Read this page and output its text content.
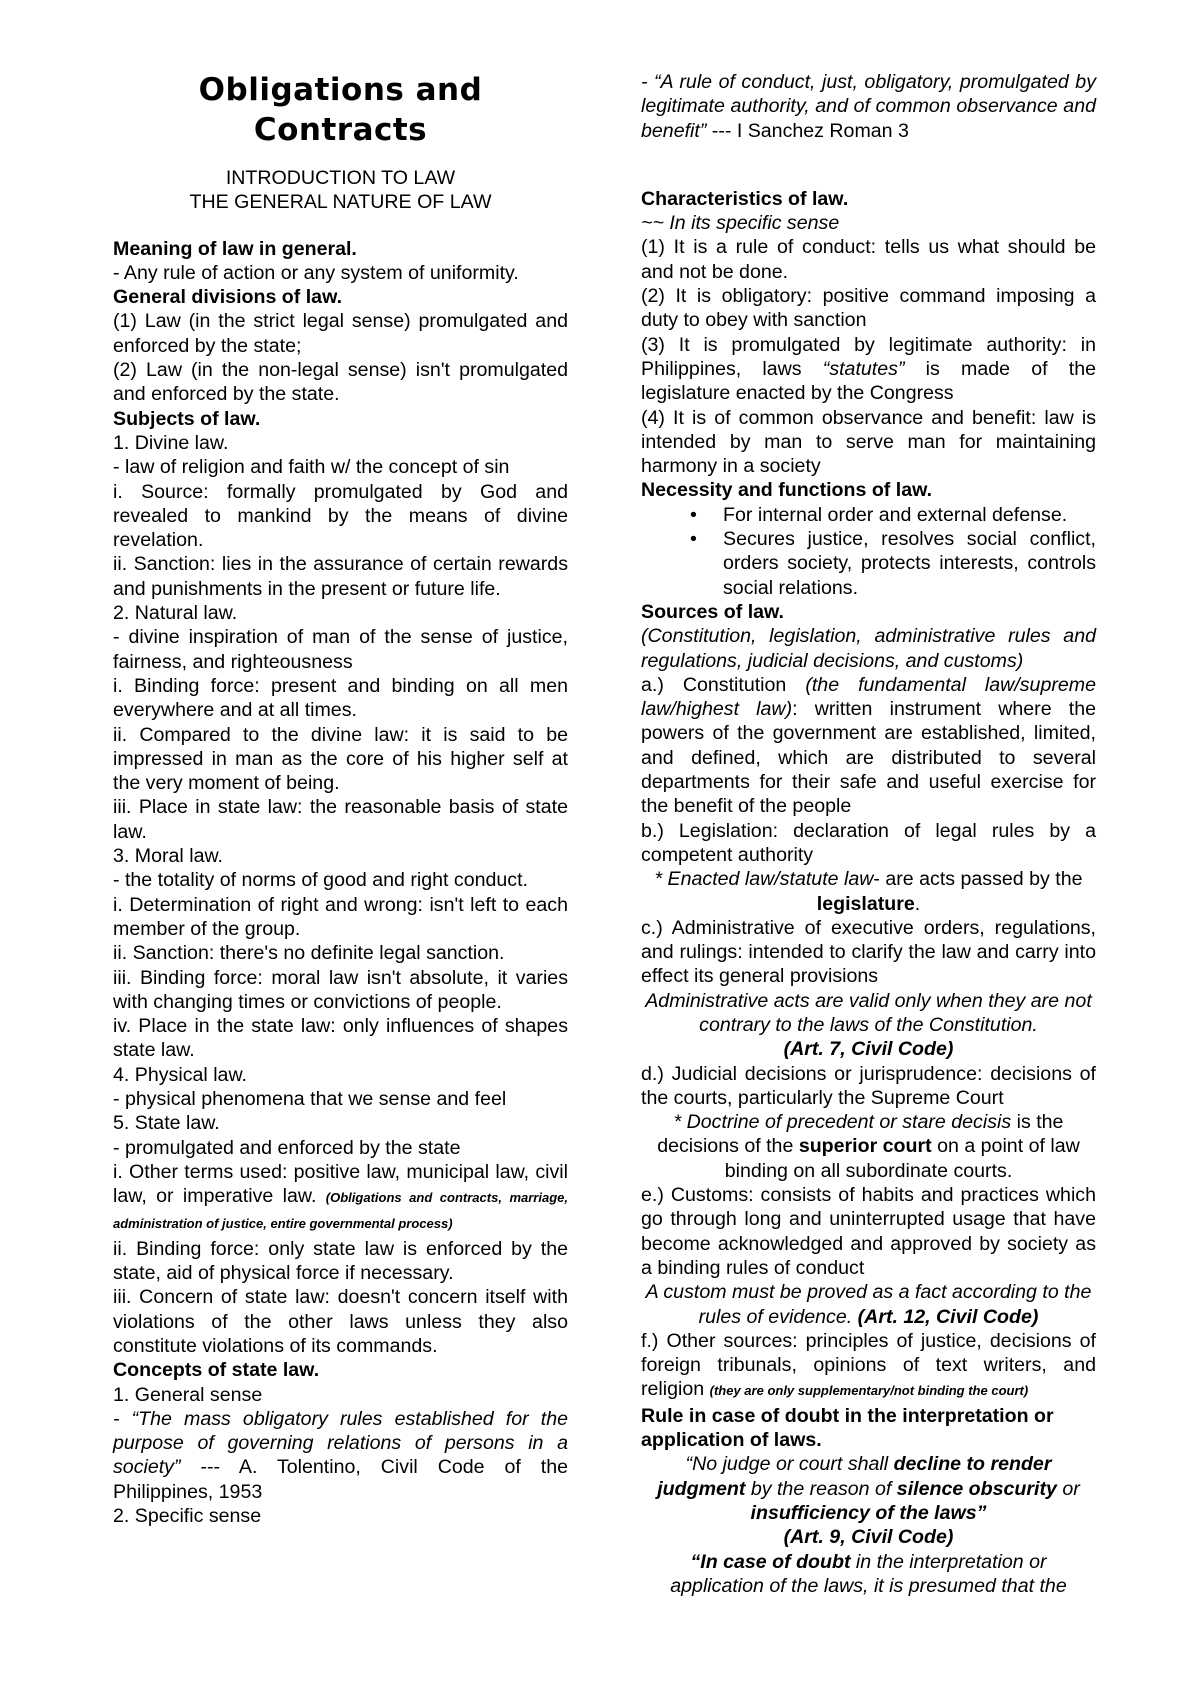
Obligations and Contracts

INTRODUCTION TO LAW

THE GENERAL NATURE OF LAW

Meaning of law in general.

- Any rule of action or any system of uniformity.

General divisions of law.

(1) Law (in the strict legal sense) promulgated and enforced by the state;

(2) Law (in the non-legal sense) isn't promulgated and enforced by the state.

Subjects of law.

1. Divine law.

- law of religion and faith w/ the concept of sin

i. Source: formally promulgated by God and revealed to mankind by the means of divine revelation.

ii. Sanction: lies in the assurance of certain rewards and punishments in the present or future life.

2. Natural law.

- divine inspiration of man of the sense of justice, fairness, and righteousness

i. Binding force: present and binding on all men everywhere and at all times.

ii. Compared to the divine law: it is said to be impressed in man as the core of his higher self at the very moment of being.

iii. Place in state law: the reasonable basis of state law.

3. Moral law.

- the totality of norms of good and right conduct.

i. Determination of right and wrong: isn't left to each member of the group.

ii. Sanction: there's no definite legal sanction.

iii. Binding force: moral law isn't absolute, it varies with changing times or convictions of people.

iv. Place in the state law: only influences of shapes state law.

4. Physical law.

- physical phenomena that we sense and feel

5. State law.

- promulgated and enforced by the state

i. Other terms used: positive law, municipal law, civil law, or imperative law. (Obligations and contracts, marriage, administration of justice, entire governmental process)

ii. Binding force: only state law is enforced by the state, aid of physical force if necessary.

iii. Concern of state law: doesn't concern itself with violations of the other laws unless they also constitute violations of its commands.

Concepts of state law.

1. General sense

- “The mass obligatory rules established for the purpose of governing relations of persons in a society” --- A. Tolentino, Civil Code of the Philippines, 1953

2. Specific sense

- “A rule of conduct, just, obligatory, promulgated by legitimate authority, and of common observance and benefit” --- I Sanchez Roman 3

Characteristics of law.

~~ In its specific sense

(1) It is a rule of conduct: tells us what should be and not be done.

(2) It is obligatory: positive command imposing a duty to obey with sanction

(3) It is promulgated by legitimate authority: in Philippines, laws “statutes” is made of the legislature enacted by the Congress

(4) It is of common observance and benefit: law is intended by man to serve man for maintaining harmony in a society

Necessity and functions of law.

• For internal order and external defense.
• Secures justice, resolves social conflict, orders society, protects interests, controls social relations.

Sources of law.

(Constitution, legislation, administrative rules and regulations, judicial decisions, and customs)

a.) Constitution (the fundamental law/supreme law/highest law): written instrument where the powers of the government are established, limited, and defined, which are distributed to several departments for their safe and useful exercise for the benefit of the people

b.) Legislation: declaration of legal rules by a competent authority

* Enacted law/statute law- are acts passed by the legislature.

c.) Administrative of executive orders, regulations, and rulings: intended to clarify the law and carry into effect its general provisions

Administrative acts are valid only when they are not contrary to the laws of the Constitution.

(Art. 7, Civil Code)

d.) Judicial decisions or jurisprudence: decisions of the courts, particularly the Supreme Court

* Doctrine of precedent or stare decisis is the decisions of the superior court on a point of law binding on all subordinate courts.

e.) Customs: consists of habits and practices which go through long and uninterrupted usage that have become acknowledged and approved by society as a binding rules of conduct

A custom must be proved as a fact according to the rules of evidence. (Art. 12, Civil Code)

f.) Other sources: principles of justice, decisions of foreign tribunals, opinions of text writers, and religion (they are only supplementary/not binding the court)

Rule in case of doubt in the interpretation or application of laws.

“No judge or court shall decline to render judgment by the reason of silence obscurity or insufficiency of the laws”

(Art. 9, Civil Code)

“In case of doubt in the interpretation or application of the laws, it is presumed that the
